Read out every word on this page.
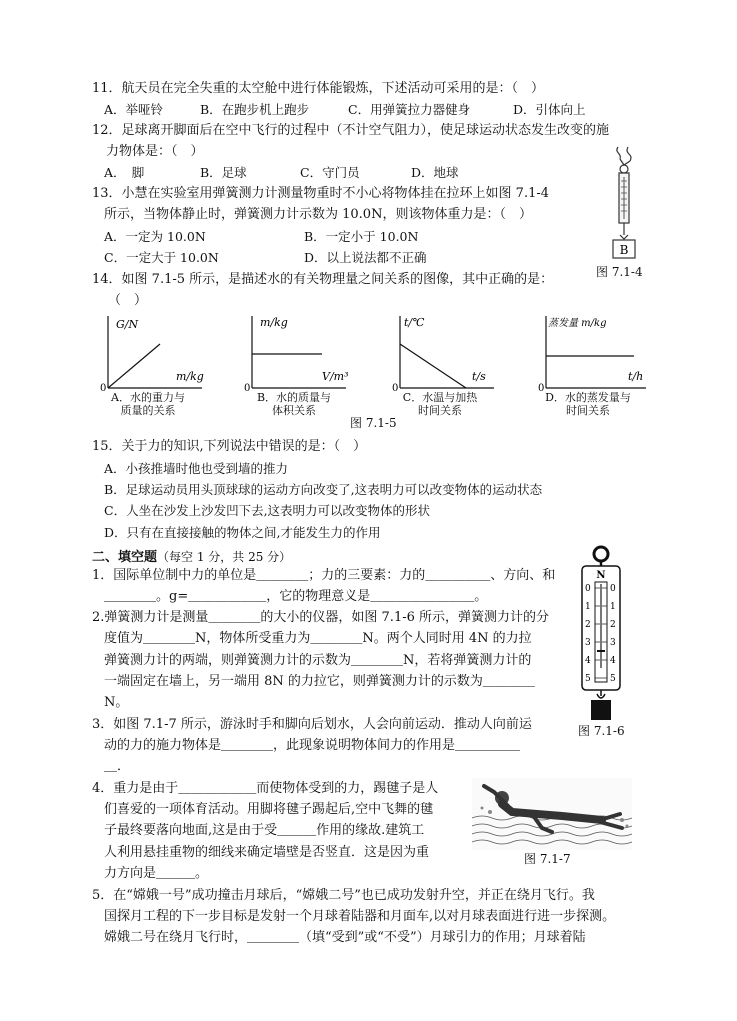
11．航天员在完全失重的太空舱中进行体能锻炼，下述活动可采用的是：（　）
A．举哑铃	B．在跑步机上跑步	C．用弹簧拉力器健身	D．引体向上
12．足球离开脚面后在空中飞行的过程中（不计空气阻力），使足球运动状态发生改变的施
力物体是：（　）
A．　脚	B．足球	C．守门员	D．地球
B
图 7.1-4
13．小慧在实验室用弹簧测力计测量物重时不小心将物体挂在拉环上如图 7.1-4
所示，当物体静止时，弹簧测力计示数为 10.0N，则该物体重力是：（　）
A．一定为 10.0N	B．一定小于 10.0N
C．一定大于 10.0N	D．以上说法都不正确
14．如图 7.1-5 所示，是描述水的有关物理量之间关系的图像，其中正确的是：
（　）
G/N
m/kg
0
A．水的重力与
质量的关系
m/kg
V/m³
0
B．水的质量与
体积关系
t/℃
t/s
0
C．水温与加热
时间关系
蒸发量 m/kg
t/h
0
D．水的蒸发量与
时间关系
图 7.1-5
15．关于力的知识,下列说法中错误的是：（　）
A．小孩推墙时他也受到墙的推力
B．足球运动员用头顶球球的运动方向改变了,这表明力可以改变物体的运动状态
C．人坐在沙发上沙发凹下去,这表明力可以改变物体的形状
D．只有在直接接触的物体之间,才能发生力的作用
二、填空题（每空 1 分，共 25 分）
1．国际单位制中力的单位是＿＿＿＿；力的三要素：力的＿＿＿＿＿、方向、和
＿＿＿＿。g=＿＿＿＿＿＿，它的物理意义是＿＿＿＿＿＿＿＿。
N
0
1
2
3
4
5
0
1
2
3
4
5
图 7.1-6
2.弹簧测力计是测量＿＿＿＿的大小的仪器，如图 7.1-6 所示，弹簧测力计的分
度值为＿＿＿＿N，物体所受重力为＿＿＿＿N。两个人同时用 4N 的力拉
弹簧测力计的两端，则弹簧测力计的示数为＿＿＿＿N，若将弹簧测力计的
一端固定在墙上，另一端用 8N 的力拉它，则弹簧测力计的示数为＿＿＿＿
N。
3．如图 7.1-7 所示，游泳时手和脚向后划水，人会向前运动．推动人向前运
动的力的施力物体是＿＿＿＿，此现象说明物体间力的作用是＿＿＿＿＿
＿．
4．重力是由于＿＿＿＿＿＿而使物体受到的力，踢毽子是人
们喜爱的一项体育活动。用脚将毽子踢起后,空中飞舞的毽
子最终要落向地面,这是由于受＿＿＿作用的缘故.建筑工
人利用悬挂重物的细线来确定墙壁是否竖直．这是因为重
力方向是＿＿＿。
图 7.1-7
5．在“嫦娥一号”成功撞击月球后，“嫦娥二号”也已成功发射升空，并正在绕月飞行。我
国探月工程的下一步目标是发射一个月球着陆器和月面车,以对月球表面进行进一步探测。
嫦娥二号在绕月飞行时，＿＿＿＿（填“受到”或“不受”）月球引力的作用；月球着陆
